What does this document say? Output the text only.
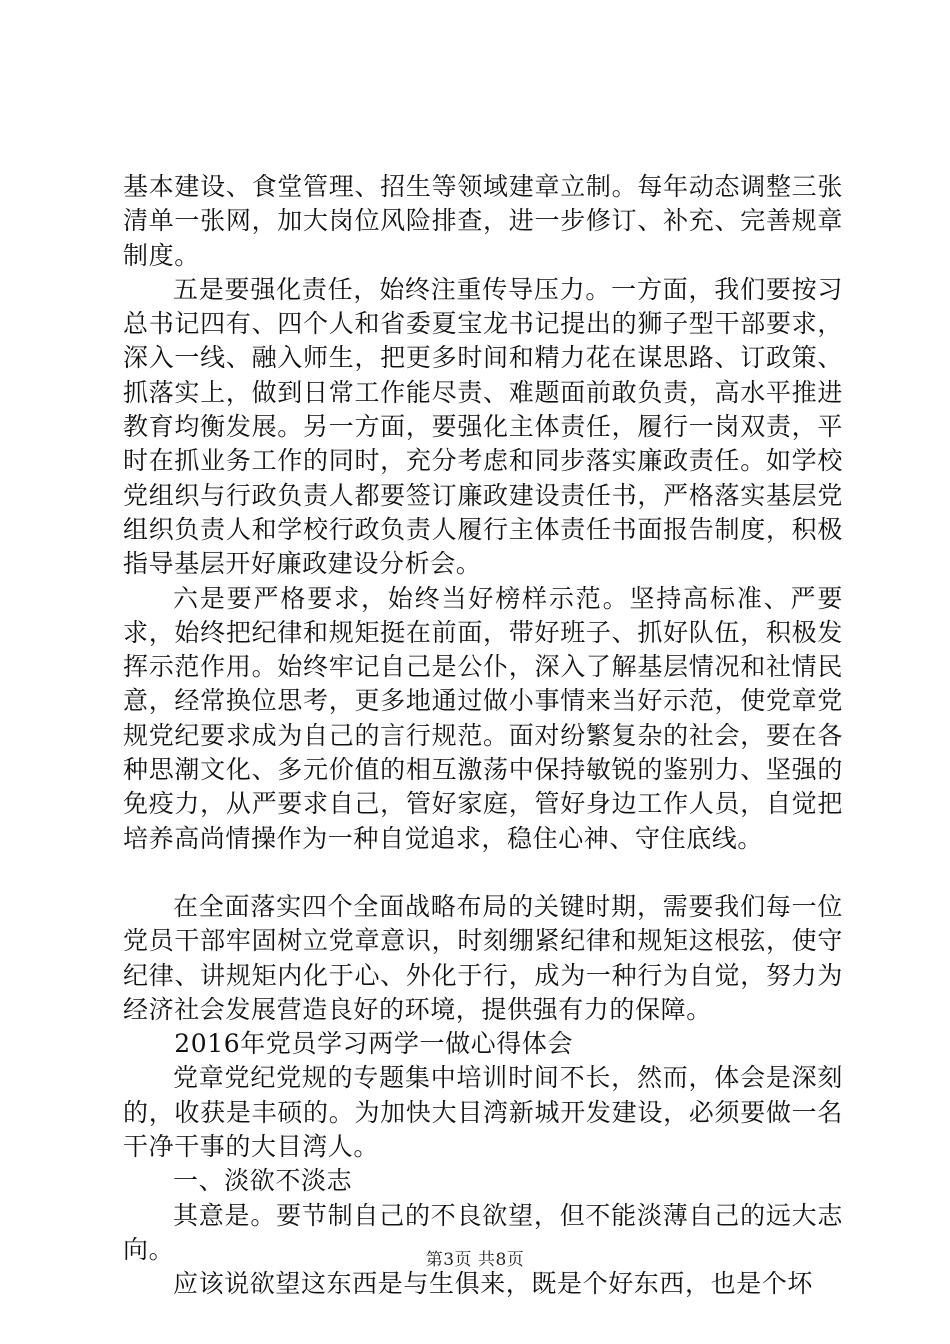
基本建设、食堂管理、招生等领域建章立制。每年动态调整三张清单一张网，加大岗位风险排查，进一步修订、补充、完善规章制度。

五是要强化责任，始终注重传导压力。一方面，我们要按习总书记四有、四个人和省委夏宝龙书记提出的狮子型干部要求，深入一线、融入师生，把更多时间和精力花在谋思路、订政策、抓落实上，做到日常工作能尽责、难题面前敢负责，高水平推进教育均衡发展。另一方面，要强化主体责任，履行一岗双责，平时在抓业务工作的同时，充分考虑和同步落实廉政责任。如学校党组织与行政负责人都要签订廉政建设责任书，严格落实基层党组织负责人和学校行政负责人履行主体责任书面报告制度，积极指导基层开好廉政建设分析会。

六是要严格要求，始终当好榜样示范。坚持高标准、严要求，始终把纪律和规矩挺在前面，带好班子、抓好队伍，积极发挥示范作用。始终牢记自己是公仆，深入了解基层情况和社情民意，经常换位思考，更多地通过做小事情来当好示范，使党章党规党纪要求成为自己的言行规范。面对纷繁复杂的社会，要在各种思潮文化、多元价值的相互激荡中保持敏锐的鉴别力、坚强的免疫力，从严要求自己，管好家庭，管好身边工作人员，自觉把培养高尚情操作为一种自觉追求，稳住心神、守住底线。

在全面落实四个全面战略布局的关键时期，需要我们每一位党员干部牢固树立党章意识，时刻绷紧纪律和规矩这根弦，使守纪律、讲规矩内化于心、外化于行，成为一种行为自觉，努力为经济社会发展营造良好的环境，提供强有力的保障。

2016年党员学习两学一做心得体会

党章党纪党规的专题集中培训时间不长，然而，体会是深刻的，收获是丰硕的。为加快大目湾新城开发建设，必须要做一名干净干事的大目湾人。

一、淡欲不淡志

其意是。要节制自己的不良欲望，但不能淡薄自己的远大志向。

应该说欲望这东西是与生俱来，既是个好东西，也是个坏

第3页 共8页
